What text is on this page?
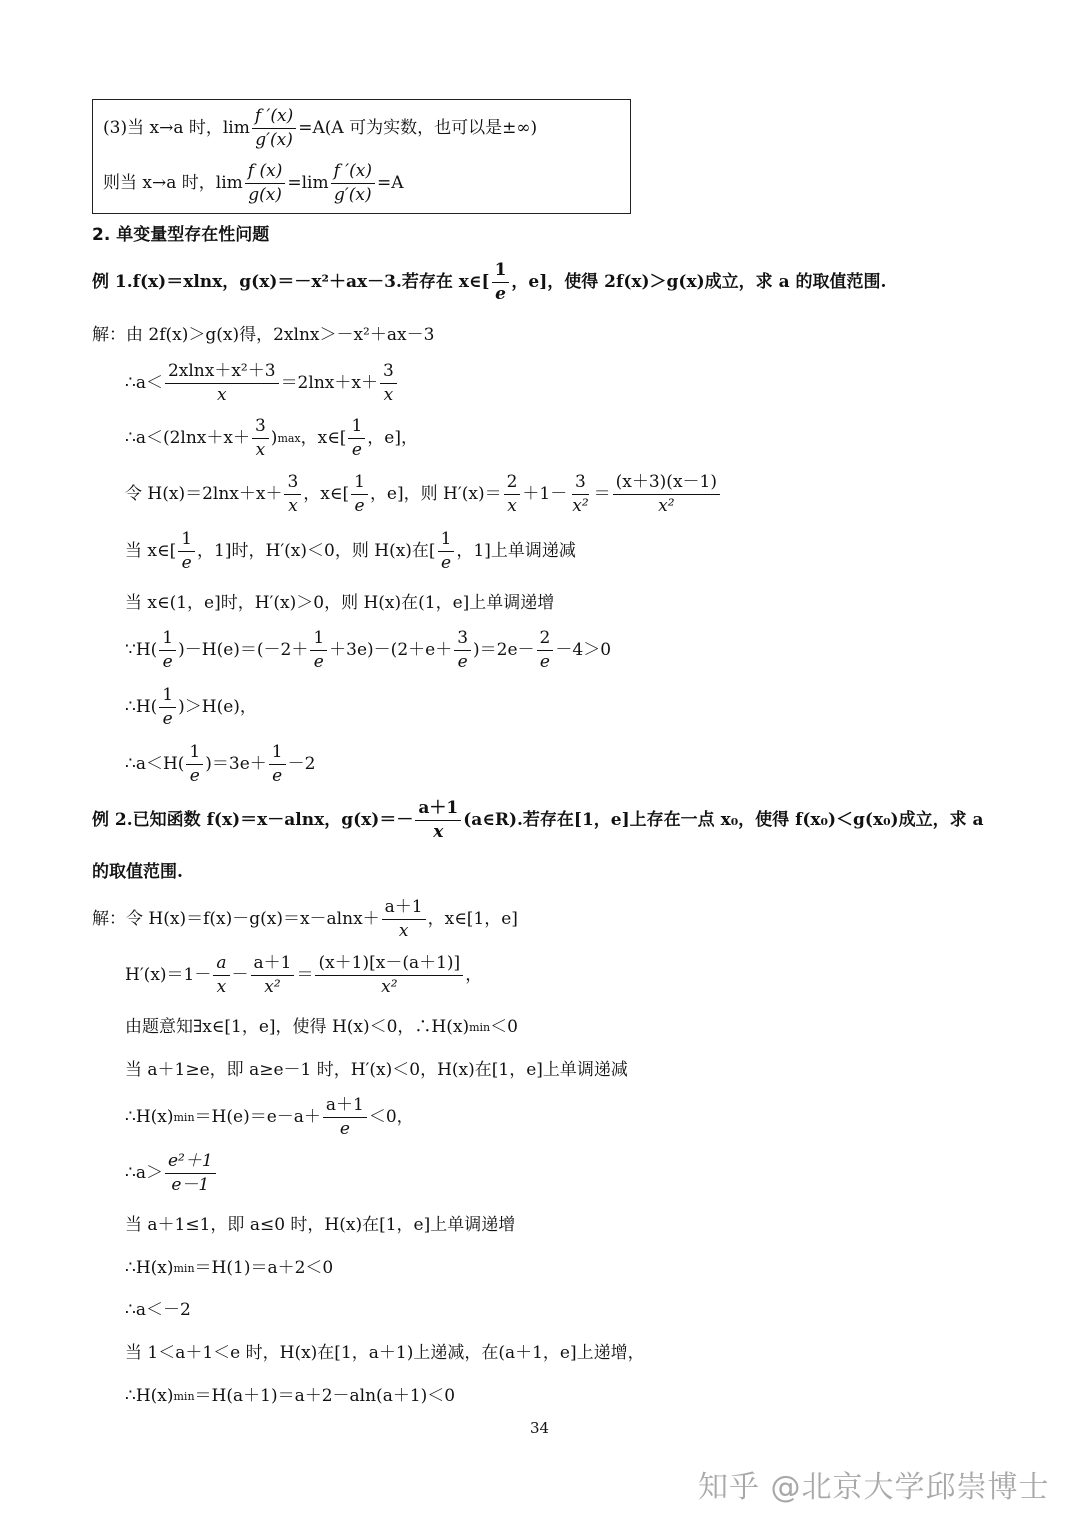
(3)当 x→a 时，$\lim \frac{f '(x)}{g'(x)} =A(A$ 可为实数，也可以是±∞)
则当 x→a 时，$\lim \frac{f (x)}{g(x)} =\lim \frac{f '(x)}{g'(x)} =A$
2. 单变量型存在性问题
例 1.f(x)＝xlnx，g(x)＝－x²＋ax－3.若存在 x∈[ $\frac{1}{e}$ ，e]，使得 2f(x)＞g(x)成立，求 a 的取值范围.
解：由 2f(x)＞g(x)得，2xlnx＞－x²＋ax－3
∴a＜ $\frac{\text{2xlnx＋x²＋3}}{x} =2\ln x+x+ \frac{3}{x}$
∴a＜(2lnx＋x＋ $\frac{3}{x}$ ) max ，x∈[ $\frac{1}{e}$ ，e]，
令 $H(x)=2\ln x+x+ \frac{3}{x}$ ，x∈[ $\frac{1}{e}$ ，e]，则 $H'(x)= \frac{2}{x} +1- \frac{3}{\text{x²}} = \frac{(x+3)(x-1)}{\text{x²}}$
当 x∈[ $\frac{1}{e}$ ，1]时，H′(x)＜0，则 H(x)在[ $\frac{1}{e}$ ，1]上单调递减
当 x∈(1，e]时，H′(x)＞0，则 H(x)在(1，e]上单调递增
∵H( $\frac{1}{e} )-H(e)=(-2+ \frac{1}{e} +3e)-(2+e+ \frac{3}{e} )=2e- \frac{2}{e} -4>0$
∴H( $\frac{1}{e} )>H(e)$，
∴a＜H( $\frac{1}{e} )=3e+ \frac{1}{e} -2$
例 2.已知函数 f(x)＝x－alnx，$g(x)=- \frac{a+1}{x}$ (a∈R).若存在[1，e]上存在一点 x₀，使得 f(x₀)＜g(x₀)成立，求 a
的取值范围.
解：令 $H(x)=f(x)-g(x)=x-alnx+ \frac{a+1}{x}$ ，x∈[1，e]
$H'(x)=1- \frac{a}{x} - \frac{a+1}{\text{x²}} = \frac{(x+1)[x-(a+1)]}{\text{x²}}$ ，
由题意知∃x∈[1，e]，使得 H(x)＜0，∴H(x) min ＜0
当 a＋1≥e，即 a≥e－1 时，H′(x)＜0，H(x)在[1，e]上单调递减
∴H(x) $\min =H(e)=e-a+ \frac{a+1}{e} <0$，
∴a＞ $\frac{\text{e²＋1}}{e-1}$
当 a＋1≤1，即 a≤0 时，H(x)在[1，e]上单调递增
∴H(x) min ＝H(1)＝a＋2＜0
∴a＜－2
当 1＜a＋1＜e 时，H(x)在[1，a＋1)上递减，在(a＋1，e]上递增，
∴H(x) min ＝H(a＋1)＝a＋2－aln(a＋1)＜0
34
知乎 @北京大学邱崇博士
